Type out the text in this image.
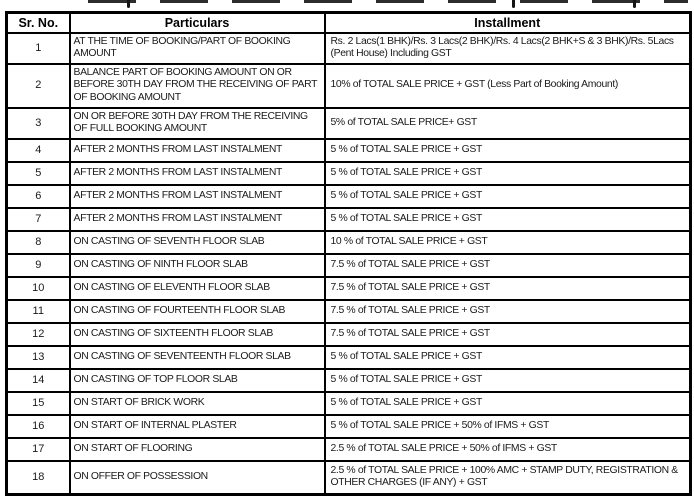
Sr. No.	Particulars	Installment
1	AT THE TIME OF BOOKING/PART OF BOOKING AMOUNT	Rs. 2 Lacs(1 BHK)/Rs. 3 Lacs(2 BHK)/Rs. 4 Lacs(2 BHK+S & 3 BHK)/Rs. 5Lacs (Pent House) Including GST
2	BALANCE PART OF BOOKING AMOUNT ON OR BEFORE 30TH DAY FROM THE RECEIVING OF PART OF BOOKING AMOUNT	10% of TOTAL SALE PRICE + GST (Less Part of Booking Amount)
3	ON OR BEFORE 30TH DAY FROM THE RECEIVING OF FULL BOOKING AMOUNT	5% of TOTAL SALE PRICE+ GST
4	AFTER 2 MONTHS FROM LAST INSTALMENT	5 % of TOTAL SALE PRICE + GST
5	AFTER 2 MONTHS FROM LAST INSTALMENT	5 % of TOTAL SALE PRICE + GST
6	AFTER 2 MONTHS FROM LAST INSTALMENT	5 % of TOTAL SALE PRICE + GST
7	AFTER 2 MONTHS FROM LAST INSTALMENT	5 % of TOTAL SALE PRICE + GST
8	ON CASTING OF SEVENTH FLOOR SLAB	10 % of TOTAL SALE PRICE + GST
9	ON CASTING OF NINTH FLOOR SLAB	7.5 % of TOTAL SALE PRICE + GST
10	ON CASTING OF ELEVENTH FLOOR SLAB	7.5 % of TOTAL SALE PRICE + GST
11	ON CASTING OF FOURTEENTH FLOOR SLAB	7.5 % of TOTAL SALE PRICE + GST
12	ON CASTING OF SIXTEENTH FLOOR SLAB	7.5 % of TOTAL SALE PRICE + GST
13	ON CASTING OF SEVENTEENTH FLOOR SLAB	5 % of TOTAL SALE PRICE + GST
14	ON CASTING OF TOP FLOOR SLAB	5 % of TOTAL SALE PRICE + GST
15	ON START OF BRICK WORK	5 % of TOTAL SALE PRICE + GST
16	ON START OF INTERNAL PLASTER	5 % of TOTAL SALE PRICE + 50% of IFMS + GST
17	ON START OF FLOORING	2.5 % of TOTAL SALE PRICE + 50% of IFMS + GST
18	ON OFFER OF POSSESSION	2.5 % of TOTAL SALE PRICE + 100% AMC + STAMP DUTY, REGISTRATION & OTHER CHARGES (IF ANY) + GST
